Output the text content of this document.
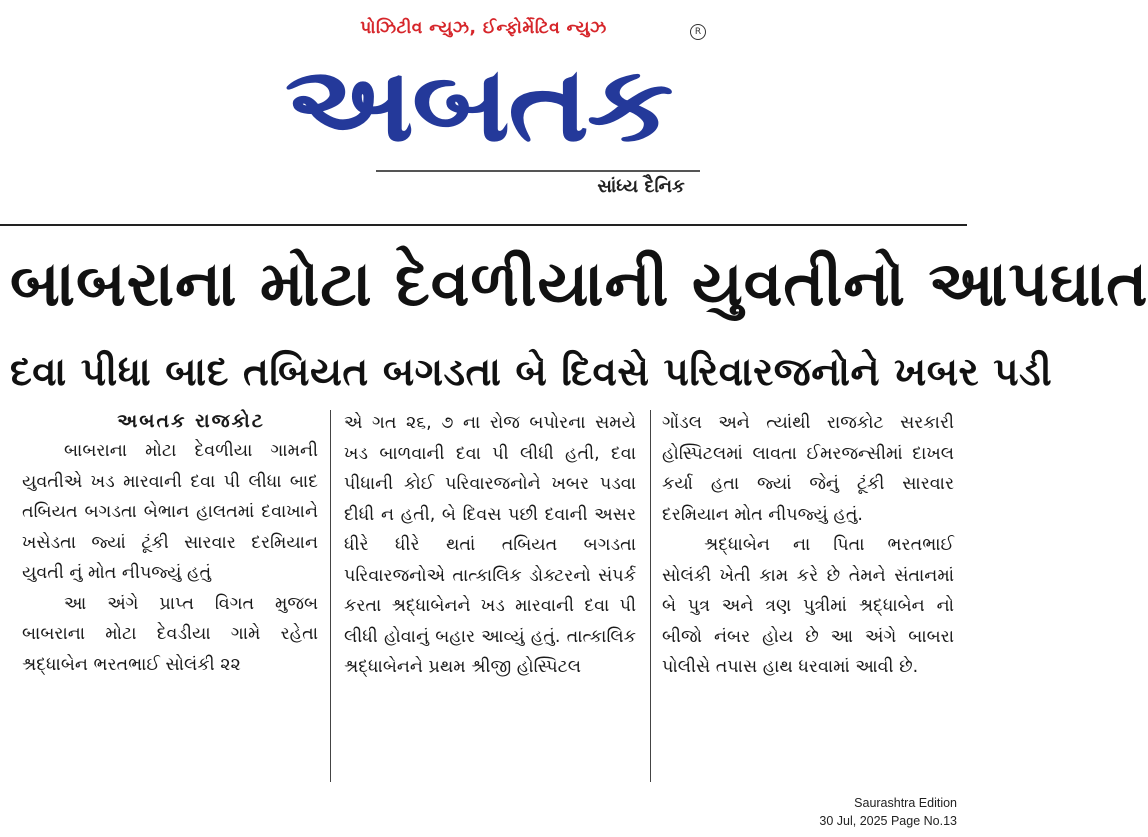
પોઝિટીવ ન્યુઝ, ઈન્ફોર્મેટિવ ન્યુઝ	R
અબતક
સાંધ્ય દૈનિક
બાબરાના મોટા દેવળીયાની યુવતીનો આપઘાત
દવા પીધા બાદ તબિયત બગડતા બે દિવસે પરિવારજનોને ખબર પડી

અબતક રાજકોટ

બાબરાના મોટા દેવળીયા ગામની યુવતીએ ખડ મારવાની દવા પી લીધા બાદ તબિયત બગડતા બેભાન હાલતમાં દવાખાને ખસેડતા જ્યાં ટૂંકી સારવાર દરમિયાન યુવતી નું મોત નીપજ્યું હતું

આ અંગે પ્રાપ્ત વિગત મુજબ બાબરાના મોટા દેવડીયા ગામે રહેતા શ્રદ્ધાબેન ભરતભાઈ સોલંકી ૨૨

એ ગત ૨૬, ૭ ના રોજ બપોરના સમયે ખડ બાળવાની દવા પી લીધી હતી, દવા પીધાની કોઈ પરિવારજનોને ખબર પડવા દીધી ન હતી, બે દિવસ પછી દવાની અસર ધીરે ધીરે થતાં તબિયત બગડતા પરિવારજનોએ તાત્કાલિક ડોક્ટરનો સંપર્ક કરતા શ્રદ્ધાબેનને ખડ મારવાની દવા પી લીધી હોવાનું બહાર આવ્યું હતું. તાત્કાલિક શ્રદ્ધાબેનને પ્રથમ શ્રીજી હોસ્પિટલ

ગોંડલ અને ત્યાંથી રાજકોટ સરકારી હોસ્પિટલમાં લાવતા ઈમરજન્સીમાં દાખલ કર્યા હતા જ્યાં જેનું ટૂંકી સારવાર દરમિયાન મોત નીપજ્યું હતું.

શ્રદ્ધાબેન ના પિતા ભરતભાઈ સોલંકી ખેતી કામ કરે છે તેમને સંતાનમાં બે પુત્ર અને ત્રણ પુત્રીમાં શ્રદ્ધાબેન નો બીજો નંબર હોય છે આ અંગે બાબરા પોલીસે તપાસ હાથ ધરવામાં આવી છે.

Saurashtra Edition
30 Jul, 2025 Page No.13
